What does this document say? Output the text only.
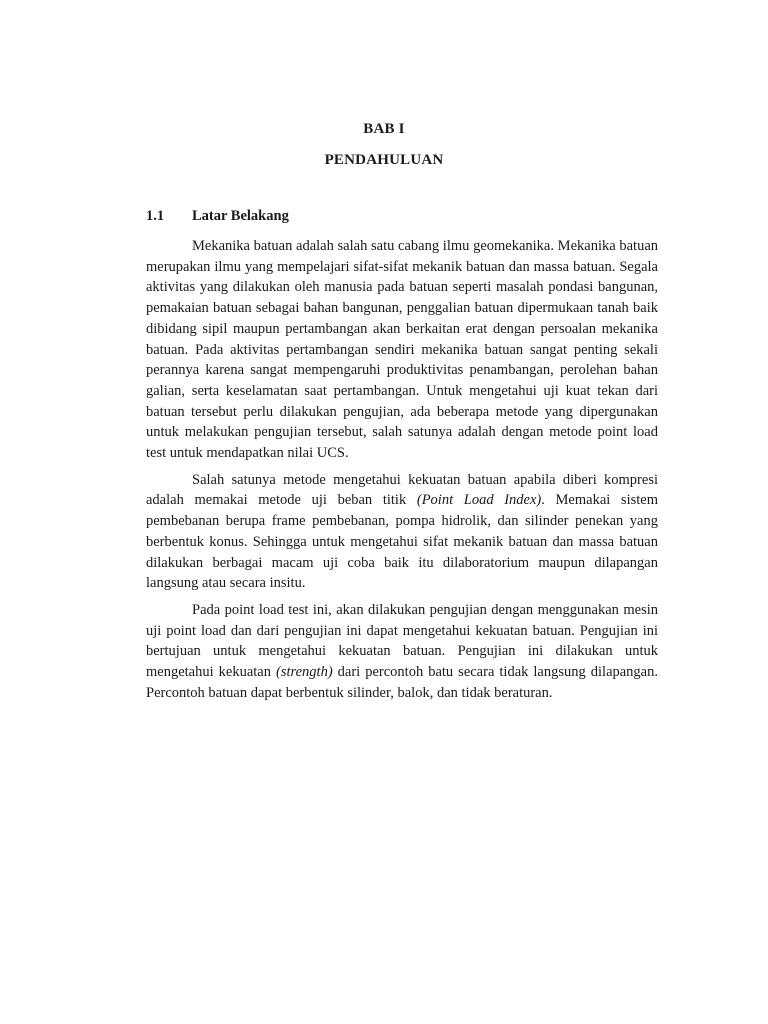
BAB I
PENDAHULUAN
1.1 Latar Belakang

Mekanika batuan adalah salah satu cabang ilmu geomekanika. Mekanika batuan merupakan ilmu yang mempelajari sifat-sifat mekanik batuan dan massa batuan. Segala aktivitas yang dilakukan oleh manusia pada batuan seperti masalah pondasi bangunan, pemakaian batuan sebagai bahan bangunan, penggalian batuan dipermukaan tanah baik dibidang sipil maupun pertambangan akan berkaitan erat dengan persoalan mekanika batuan. Pada aktivitas pertambangan sendiri mekanika batuan sangat penting sekali perannya karena sangat mempengaruhi produktivitas penambangan, perolehan bahan galian, serta keselamatan saat pertambangan. Untuk mengetahui uji kuat tekan dari batuan tersebut perlu dilakukan pengujian, ada beberapa metode yang dipergunakan untuk melakukan pengujian tersebut, salah satunya adalah dengan metode point load test untuk mendapatkan nilai UCS.

Salah satunya metode mengetahui kekuatan batuan apabila diberi kompresi adalah memakai metode uji beban titik (Point Load Index). Memakai sistem pembebanan berupa frame pembebanan, pompa hidrolik, dan silinder penekan yang berbentuk konus. Sehingga untuk mengetahui sifat mekanik batuan dan massa batuan dilakukan berbagai macam uji coba baik itu dilaboratorium maupun dilapangan langsung atau secara insitu.

Pada point load test ini, akan dilakukan pengujian dengan menggunakan mesin uji point load dan dari pengujian ini dapat mengetahui kekuatan batuan. Pengujian ini bertujuan untuk mengetahui kekuatan batuan. Pengujian ini dilakukan untuk mengetahui kekuatan (strength) dari percontoh batu secara tidak langsung dilapangan. Percontoh batuan dapat berbentuk silinder, balok, dan tidak beraturan.
